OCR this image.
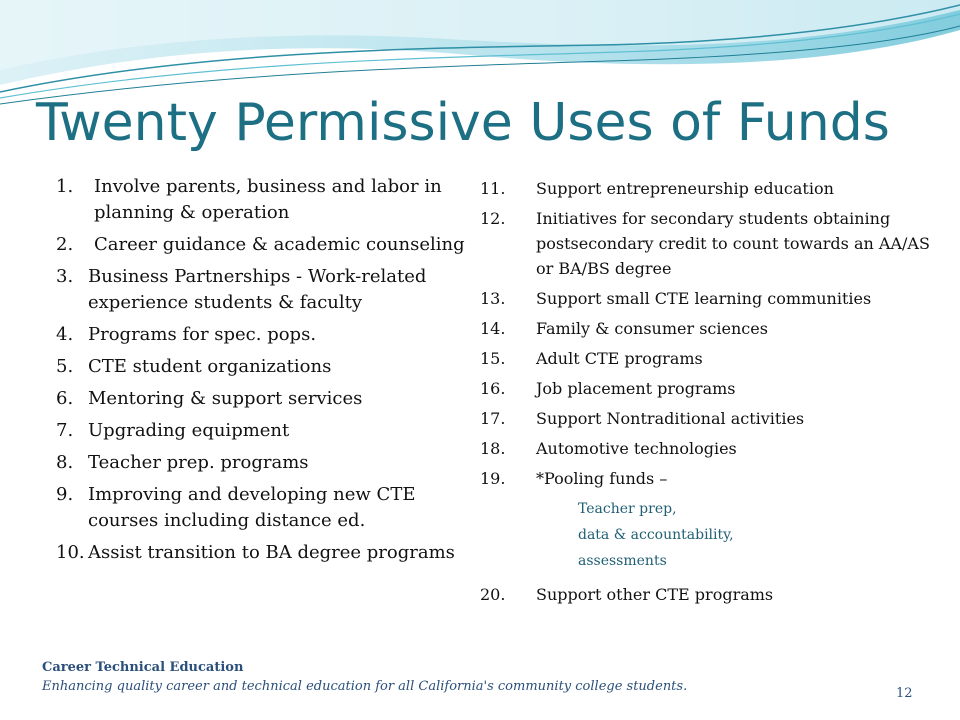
Twenty Permissive Uses of Funds
1. Involve parents, business and labor in planning & operation
2. Career guidance & academic counseling
3. Business Partnerships - Work-related experience students & faculty
4. Programs for spec. pops.
5. CTE student organizations
6. Mentoring & support services
7. Upgrading equipment
8. Teacher prep. programs
9. Improving and developing new CTE courses including distance ed.
10. Assist transition to BA degree programs
11. Support entrepreneurship education
12. Initiatives for secondary students obtaining postsecondary credit to count towards an AA/AS or BA/BS degree
13. Support small CTE learning communities
14. Family & consumer sciences
15. Adult CTE programs
16. Job placement programs
17. Support Nontraditional activities
18. Automotive technologies
19. *Pooling funds –
Teacher prep,
data & accountability,
assessments
20. Support other CTE programs

Career Technical Education

Enhancing quality career and technical education for all California's community college students.	12
